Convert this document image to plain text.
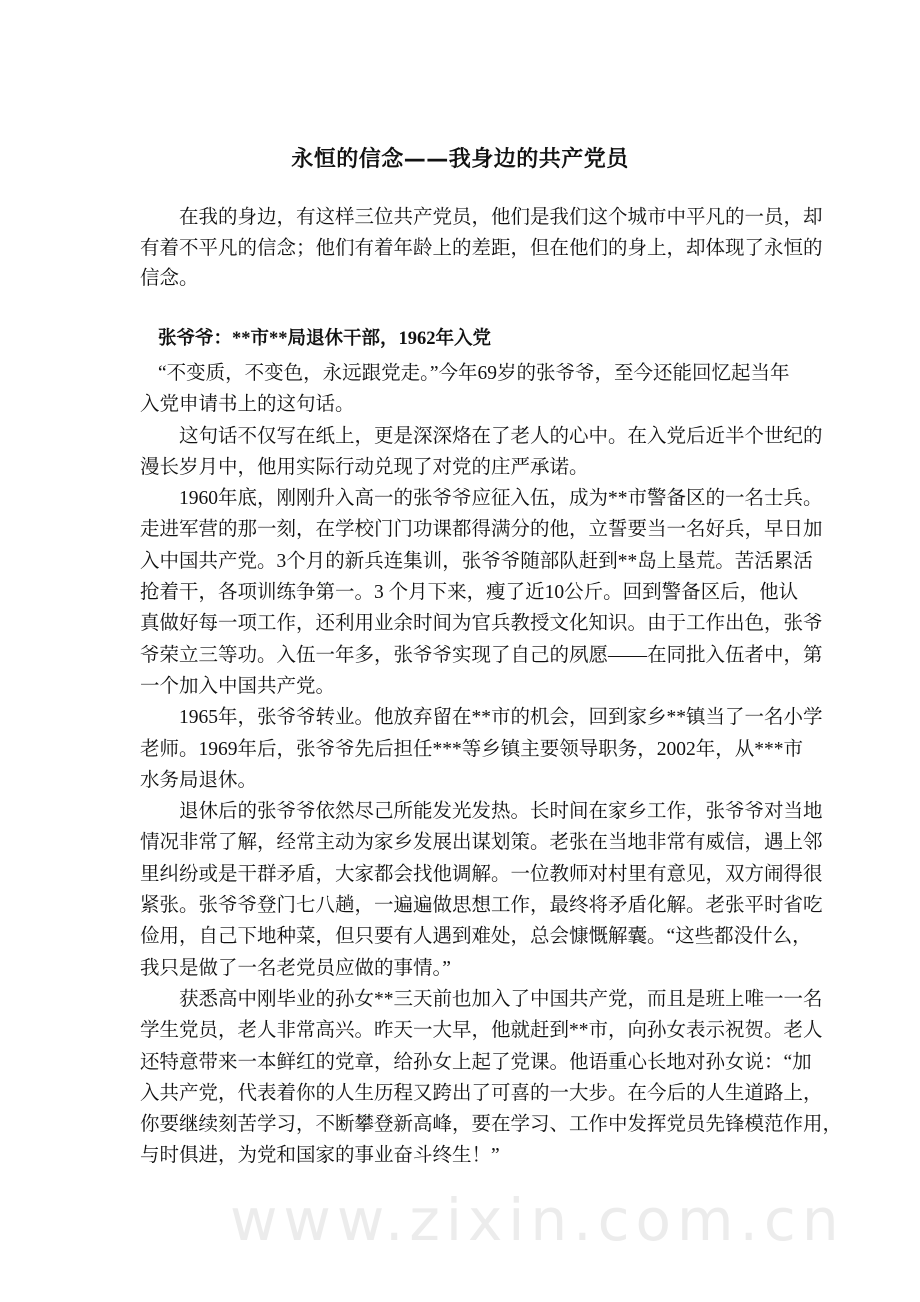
www.zixin.com.cn
永恒的信念——我身边的共产党员
在我的身边，有这样三位共产党员，他们是我们这个城市中平凡的一员，却
有着不平凡的信念；他们有着年龄上的差距，但在他们的身上，却体现了永恒的
信念。
张爷爷：**市**局退休干部，1962年入党
“不变质，不变色，永远跟党走。”今年69岁的张爷爷，至今还能回忆起当年
入党申请书上的这句话。
这句话不仅写在纸上，更是深深烙在了老人的心中。在入党后近半个世纪的
漫长岁月中，他用实际行动兑现了对党的庄严承诺。
1960年底，刚刚升入高一的张爷爷应征入伍，成为**市警备区的一名士兵。
走进军营的那一刻，在学校门门功课都得满分的他，立誓要当一名好兵，早日加
入中国共产党。3个月的新兵连集训，张爷爷随部队赶到**岛上垦荒。苦活累活
抢着干，各项训练争第一。3 个月下来，瘦了近10公斤。回到警备区后，他认
真做好每一项工作，还利用业余时间为官兵教授文化知识。由于工作出色，张爷
爷荣立三等功。入伍一年多，张爷爷实现了自己的夙愿——在同批入伍者中，第
一个加入中国共产党。
1965年，张爷爷转业。他放弃留在**市的机会，回到家乡**镇当了一名小学
老师。1969年后，张爷爷先后担任***等乡镇主要领导职务，2002年，从***市
水务局退休。
退休后的张爷爷依然尽己所能发光发热。长时间在家乡工作，张爷爷对当地
情况非常了解，经常主动为家乡发展出谋划策。老张在当地非常有威信，遇上邻
里纠纷或是干群矛盾，大家都会找他调解。一位教师对村里有意见，双方闹得很
紧张。张爷爷登门七八趟，一遍遍做思想工作，最终将矛盾化解。老张平时省吃
俭用，自己下地种菜，但只要有人遇到难处，总会慷慨解囊。“这些都没什么，
我只是做了一名老党员应做的事情。”
获悉高中刚毕业的孙女**三天前也加入了中国共产党，而且是班上唯一一名
学生党员，老人非常高兴。昨天一大早，他就赶到**市，向孙女表示祝贺。老人
还特意带来一本鲜红的党章，给孙女上起了党课。他语重心长地对孙女说：“加
入共产党，代表着你的人生历程又跨出了可喜的一大步。在今后的人生道路上，
你要继续刻苦学习，不断攀登新高峰，要在学习、工作中发挥党员先锋模范作用，
与时俱进，为党和国家的事业奋斗终生！”
